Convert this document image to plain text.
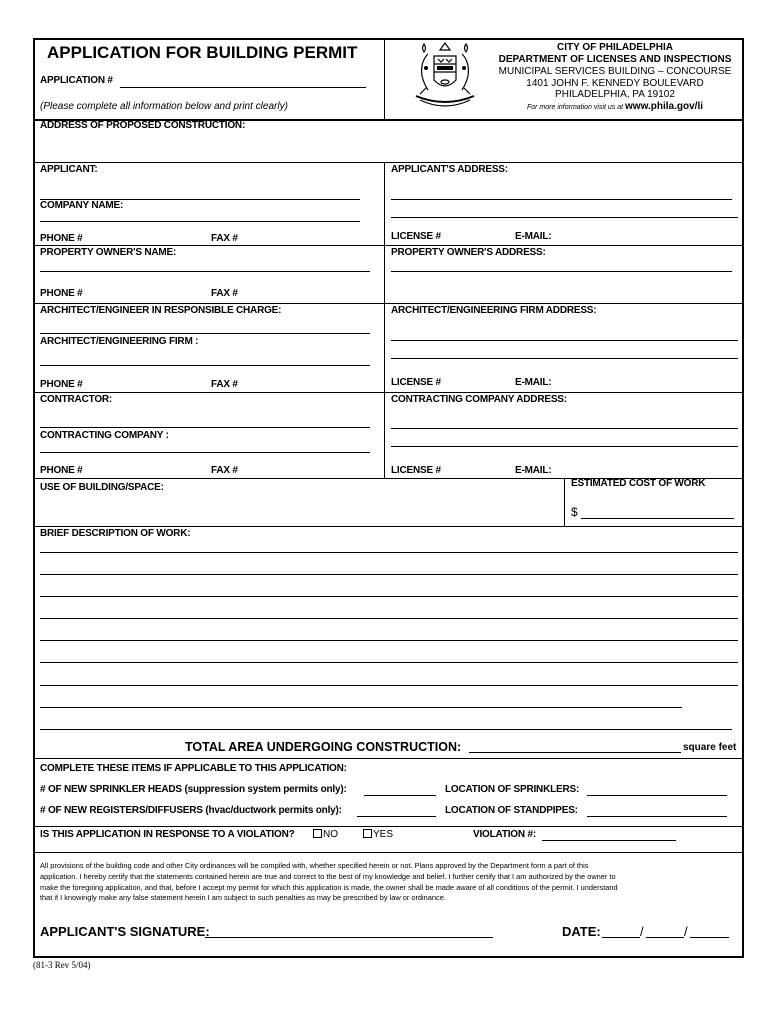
APPLICATION FOR BUILDING PERMIT
APPLICATION #
(Please complete all information below and print clearly)
CITY OF PHILADELPHIA
DEPARTMENT OF LICENSES AND INSPECTIONS
MUNICIPAL SERVICES BUILDING – CONCOURSE
1401 JOHN F. KENNEDY BOULEVARD
PHILADELPHIA, PA 19102
For more information visit us at www.phila.gov/li
ADDRESS OF PROPOSED CONSTRUCTION:
APPLICANT:
COMPANY NAME:
PHONE #	FAX #
APPLICANT'S ADDRESS:
LICENSE #	E-MAIL:
PROPERTY OWNER'S NAME:
PHONE #	FAX #
PROPERTY OWNER'S ADDRESS:
ARCHITECT/ENGINEER IN RESPONSIBLE CHARGE:
ARCHITECT/ENGINEERING FIRM :
PHONE #	FAX #
ARCHITECT/ENGINEERING FIRM ADDRESS:
LICENSE #	E-MAIL:
CONTRACTOR:
CONTRACTING COMPANY :
PHONE #	FAX #
CONTRACTING COMPANY ADDRESS:
LICENSE #	E-MAIL:
USE OF BUILDING/SPACE:	ESTIMATED COST OF WORK
$
BRIEF DESCRIPTION OF WORK:
TOTAL AREA UNDERGOING CONSTRUCTION:	square feet
COMPLETE THESE ITEMS IF APPLICABLE TO THIS APPLICATION:
# OF NEW SPRINKLER HEADS (suppression system permits only):	LOCATION OF SPRINKLERS:
# OF NEW REGISTERS/DIFFUSERS (hvac/ductwork permits only):	LOCATION OF STANDPIPES:
IS THIS APPLICATION IN RESPONSE TO A VIOLATION?	NO	YES	VIOLATION #:
All provisions of the building code and other City ordinances will be compiled with, whether specified herein or not. Plans approved by the Department form a part of this
application. I hereby certify that the statements contained herein are true and correct to the best of my knowledge and belief. I further certify that I am authorized by the owner to
make the foregoing application, and that, before I accept my permit for which this application is made, the owner shall be made aware of all conditions of the permit. I understand
that if I knowingly make any false statement herein I am subject to such penalties as may be prescribed by law or ordinance.
APPLICANT'S SIGNATURE:	DATE:	/	/
(81-3 Rev 5/04)
